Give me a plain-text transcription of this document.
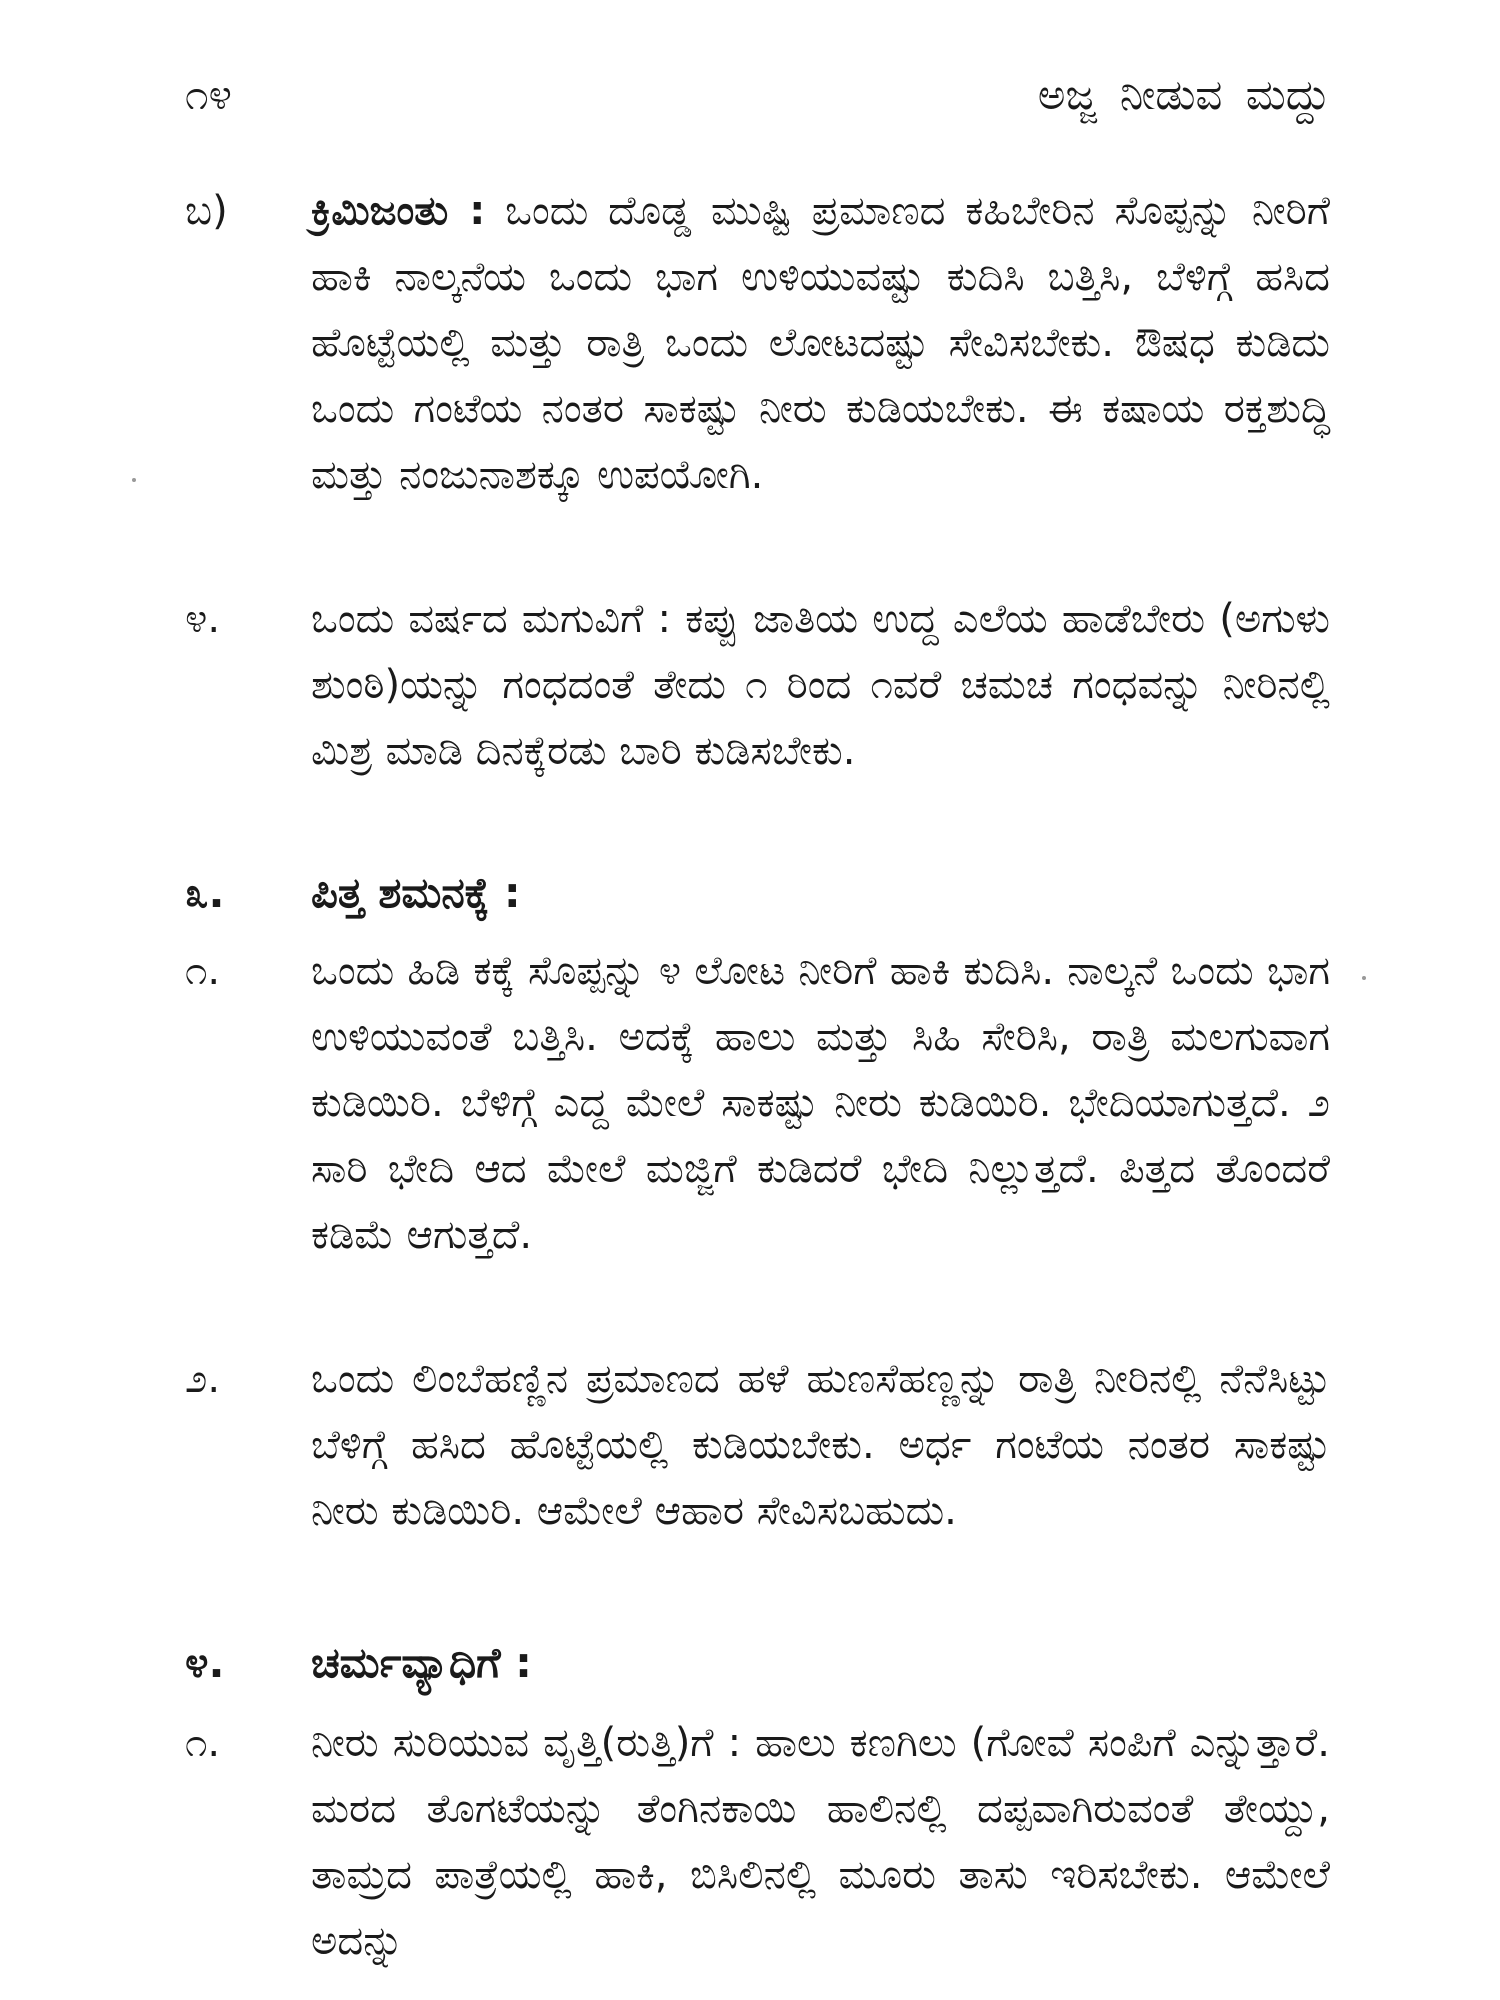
೧೪	ಅಜ್ಜ ನೀಡುವ ಮದ್ದು
ಬ) ಕ್ರಿಮಿಜಂತು : ಒಂದು ದೊಡ್ಡ ಮುಷ್ಟಿ ಪ್ರಮಾಣದ ಕಹಿಬೇರಿನ ಸೊಪ್ಪನ್ನು ನೀರಿಗೆ ಹಾಕಿ ನಾಲ್ಕನೆಯ ಒಂದು ಭಾಗ ಉಳಿಯುವಷ್ಟು ಕುದಿಸಿ ಬತ್ತಿಸಿ, ಬೆಳಿಗ್ಗೆ ಹಸಿದ ಹೊಟ್ಟೆಯಲ್ಲಿ ಮತ್ತು ರಾತ್ರಿ ಒಂದು ಲೋಟದಷ್ಟು ಸೇವಿಸಬೇಕು. ಔಷಧ ಕುಡಿದು ಒಂದು ಗಂಟೆಯ ನಂತರ ಸಾಕಷ್ಟು ನೀರು ಕುಡಿಯಬೇಕು. ಈ ಕಷಾಯ ರಕ್ತಶುದ್ಧಿ ಮತ್ತು ನಂಜುನಾಶಕ್ಕೂ ಉಪಯೋಗಿ.
೪. ಒಂದು ವರ್ಷದ ಮಗುವಿಗೆ : ಕಪ್ಪು ಜಾತಿಯ ಉದ್ದ ಎಲೆಯ ಹಾಡೆಬೇರು (ಅಗುಳು ಶುಂಠಿ)ಯನ್ನು ಗಂಧದಂತೆ ತೇದು ೧ ರಿಂದ ೧ವರೆ ಚಮಚ ಗಂಧವನ್ನು ನೀರಿನಲ್ಲಿ ಮಿಶ್ರ ಮಾಡಿ ದಿನಕ್ಕೆರಡು ಬಾರಿ ಕುಡಿಸಬೇಕು.
೩. ಪಿತ್ತ ಶಮನಕ್ಕೆ :
೧. ಒಂದು ಹಿಡಿ ಕಕ್ಕೆ ಸೊಪ್ಪನ್ನು ೪ ಲೋಟ ನೀರಿಗೆ ಹಾಕಿ ಕುದಿಸಿ. ನಾಲ್ಕನೆ ಒಂದು ಭಾಗ ಉಳಿಯುವಂತೆ ಬತ್ತಿಸಿ. ಅದಕ್ಕೆ ಹಾಲು ಮತ್ತು ಸಿಹಿ ಸೇರಿಸಿ, ರಾತ್ರಿ ಮಲಗುವಾಗ ಕುಡಿಯಿರಿ. ಬೆಳಿಗ್ಗೆ ಎದ್ದ ಮೇಲೆ ಸಾಕಷ್ಟು ನೀರು ಕುಡಿಯಿರಿ. ಭೇದಿಯಾಗುತ್ತದೆ. ೨ ಸಾರಿ ಭೇದಿ ಆದ ಮೇಲೆ ಮಜ್ಜಿಗೆ ಕುಡಿದರೆ ಭೇದಿ ನಿಲ್ಲುತ್ತದೆ. ಪಿತ್ತದ ತೊಂದರೆ ಕಡಿಮೆ ಆಗುತ್ತದೆ.
೨. ಒಂದು ಲಿಂಬೆಹಣ್ಣಿನ ಪ್ರಮಾಣದ ಹಳೆ ಹುಣಸೆಹಣ್ಣನ್ನು ರಾತ್ರಿ ನೀರಿನಲ್ಲಿ ನೆನೆಸಿಟ್ಟು ಬೆಳಿಗ್ಗೆ ಹಸಿದ ಹೊಟ್ಟೆಯಲ್ಲಿ ಕುಡಿಯಬೇಕು. ಅರ್ಧ ಗಂಟೆಯ ನಂತರ ಸಾಕಷ್ಟು ನೀರು ಕುಡಿಯಿರಿ. ಆಮೇಲೆ ಆಹಾರ ಸೇವಿಸಬಹುದು.
೪. ಚರ್ಮವ್ಯಾಧಿಗೆ :
೧. ನೀರು ಸುರಿಯುವ ವೃತ್ತಿ(ರುತ್ತಿ)ಗೆ : ಹಾಲು ಕಣಗಿಲು (ಗೋವೆ ಸಂಪಿಗೆ ಎನ್ನುತ್ತಾರೆ. ಮರದ ತೊಗಟೆಯನ್ನು ತೆಂಗಿನಕಾಯಿ ಹಾಲಿನಲ್ಲಿ ದಪ್ಪವಾಗಿರುವಂತೆ ತೇಯ್ದು, ತಾಮ್ರದ ಪಾತ್ರೆಯಲ್ಲಿ ಹಾಕಿ, ಬಿಸಿಲಿನಲ್ಲಿ ಮೂರು ತಾಸು ಇರಿಸಬೇಕು. ಆಮೇಲೆ ಅದನ್ನು
